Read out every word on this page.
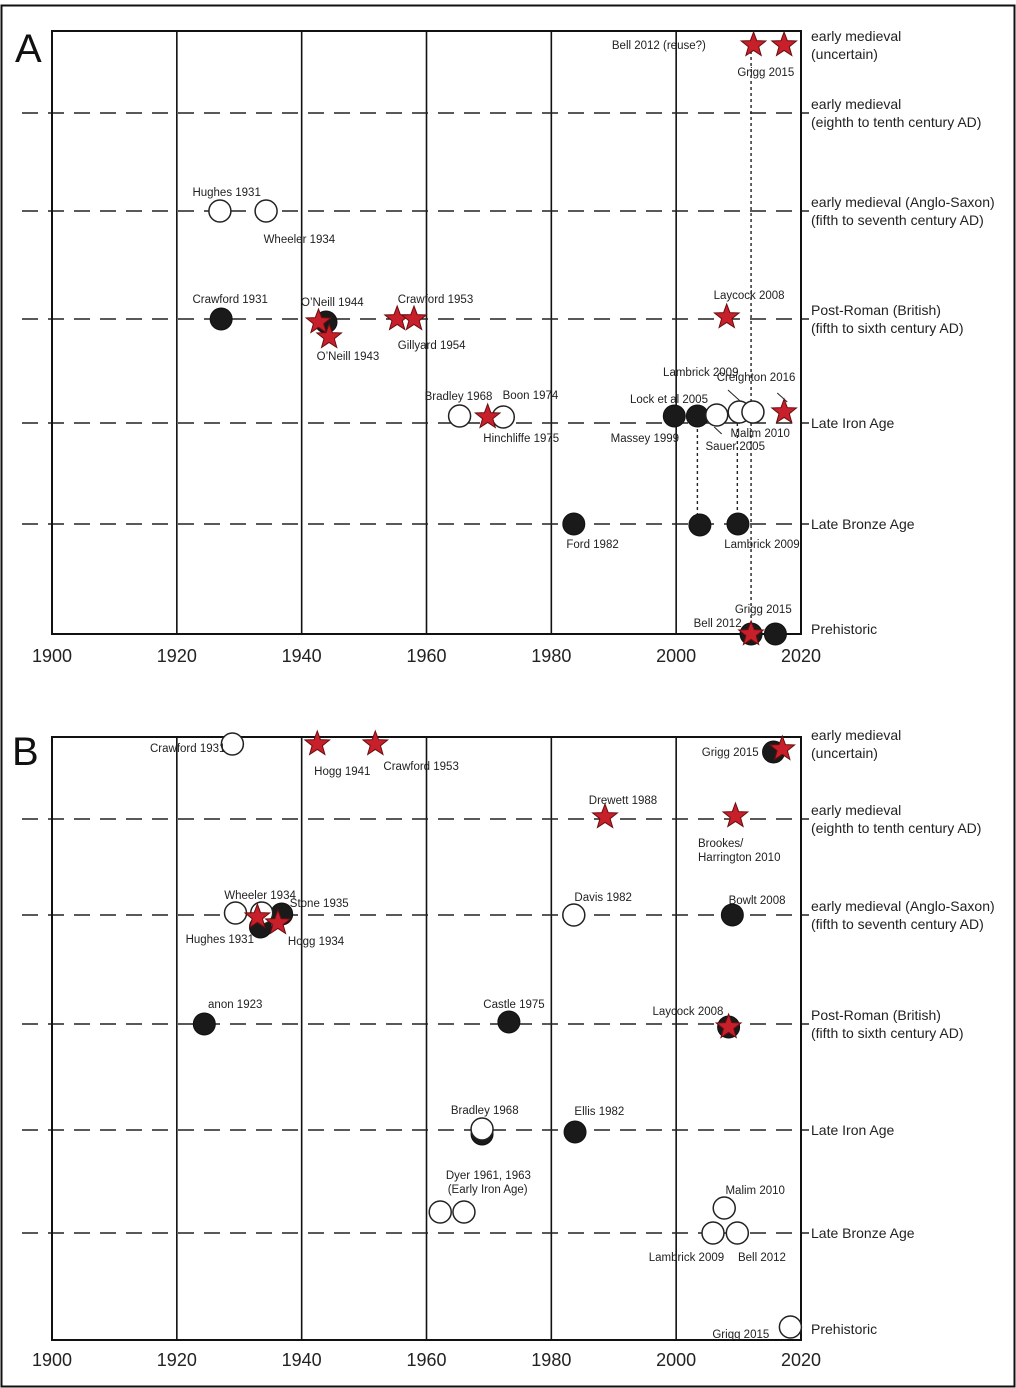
A
B
1900	1920	1940	1960	1980	2000	2020
early medieval
(uncertain)
early medieval
(eighth to tenth century AD)
early medieval (Anglo-Saxon)
(fifth to seventh century AD)
Post-Roman (British)
(fifth to sixth century AD)
Late Iron Age
Late Bronze Age
Prehistoric
Hughes 1931
Wheeler 1934
Crawford 1931	O’Neill 1944
O’Neill 1943
Crawford 1953
Gillyard 1954
Laycock 2008
Bradley 1968 Boon 1974
Hinchliffe 1975
Lambrick 2009
Creighton 2016
Lock et al 2005
Massey 1999	Malim 2010
Sauer 2005
Ford 1982	Lambrick 2009
Bell 2012 (reuse?)
Grigg 2015
Grigg 2015
Bell 2012
1900	1920	1940	1960	1980	2000	2020
early medieval
(uncertain)
early medieval
(eighth to tenth century AD)
early medieval (Anglo-Saxon)
(fifth to seventh century AD)
Post-Roman (British)
(fifth to sixth century AD)
Late Iron Age
Late Bronze Age
Prehistoric
Crawford 1931
Hogg 1941 Crawford 1953
Grigg 2015
Drewett 1988
Brookes/
Harrington 2010
Wheeler 1934
Stone 1935
Hughes 1931	Hogg 1934
Davis 1982	Bowlt 2008
anon 1923	Castle 1975
Laycock 2008
Bradley 1968	Ellis 1982
Dyer 1961, 1963
(Early Iron Age)	Malim 2010
Lambrick 2009 Bell 2012
Grigg 2015
